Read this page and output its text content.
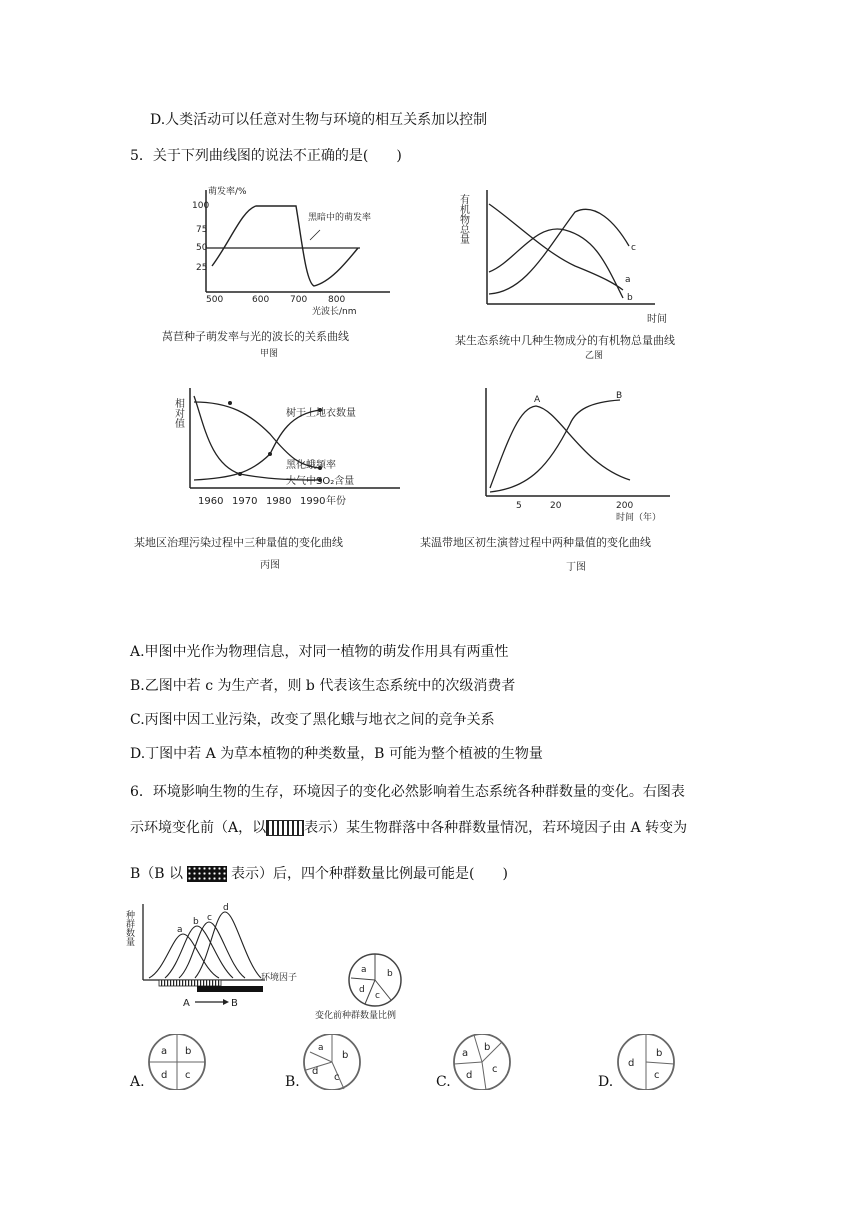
D.人类活动可以任意对生物与环境的相互关系加以控制
5．关于下列曲线图的说法不正确的是(　　)
萌发率/%
100
75
50
25
500	600 700 800
光波长/nm
黑暗中的萌发率
莴苣种子萌发率与光的波长的关系曲线
甲图
有机物总量
c
a
b
时间
某生态系统中几种生物成分的有机物总量曲线
乙图
相对值	树干上地衣数量
黑化蛾频率
大气中SO₂含量
1960 1970 1980 1990 年份
某地区治理污染过程中三种量值的变化曲线
丙图
A	B
5	20	200
时间（年）
某温带地区初生演替过程中两种量值的变化曲线
丁图
A.甲图中光作为物理信息，对同一植物的萌发作用具有两重性
B.乙图中若 c 为生产者，则 b 代表该生态系统中的次级消费者
C.丙图中因工业污染，改变了黑化蛾与地衣之间的竞争关系
D.丁图中若 A 为草本植物的种类数量，B 可能为整个植被的生物量
6．环境影响生物的生存，环境因子的变化必然影响着生态系统各种群数量的变化。右图表
示环境变化前（A，以	表示）某生物群落中各种群数量情况，若环境因子由 A 转变为
B（B 以	表示）后，四个种群数量比例最可能是(　　)
种群数量	a
b c
d
环境因子
A	B
a b
c
d
变化前种群数量比例
a b
c
d
A.
a
b
c
d
B.
a
b
c
d
C.
d
b
c
D.
